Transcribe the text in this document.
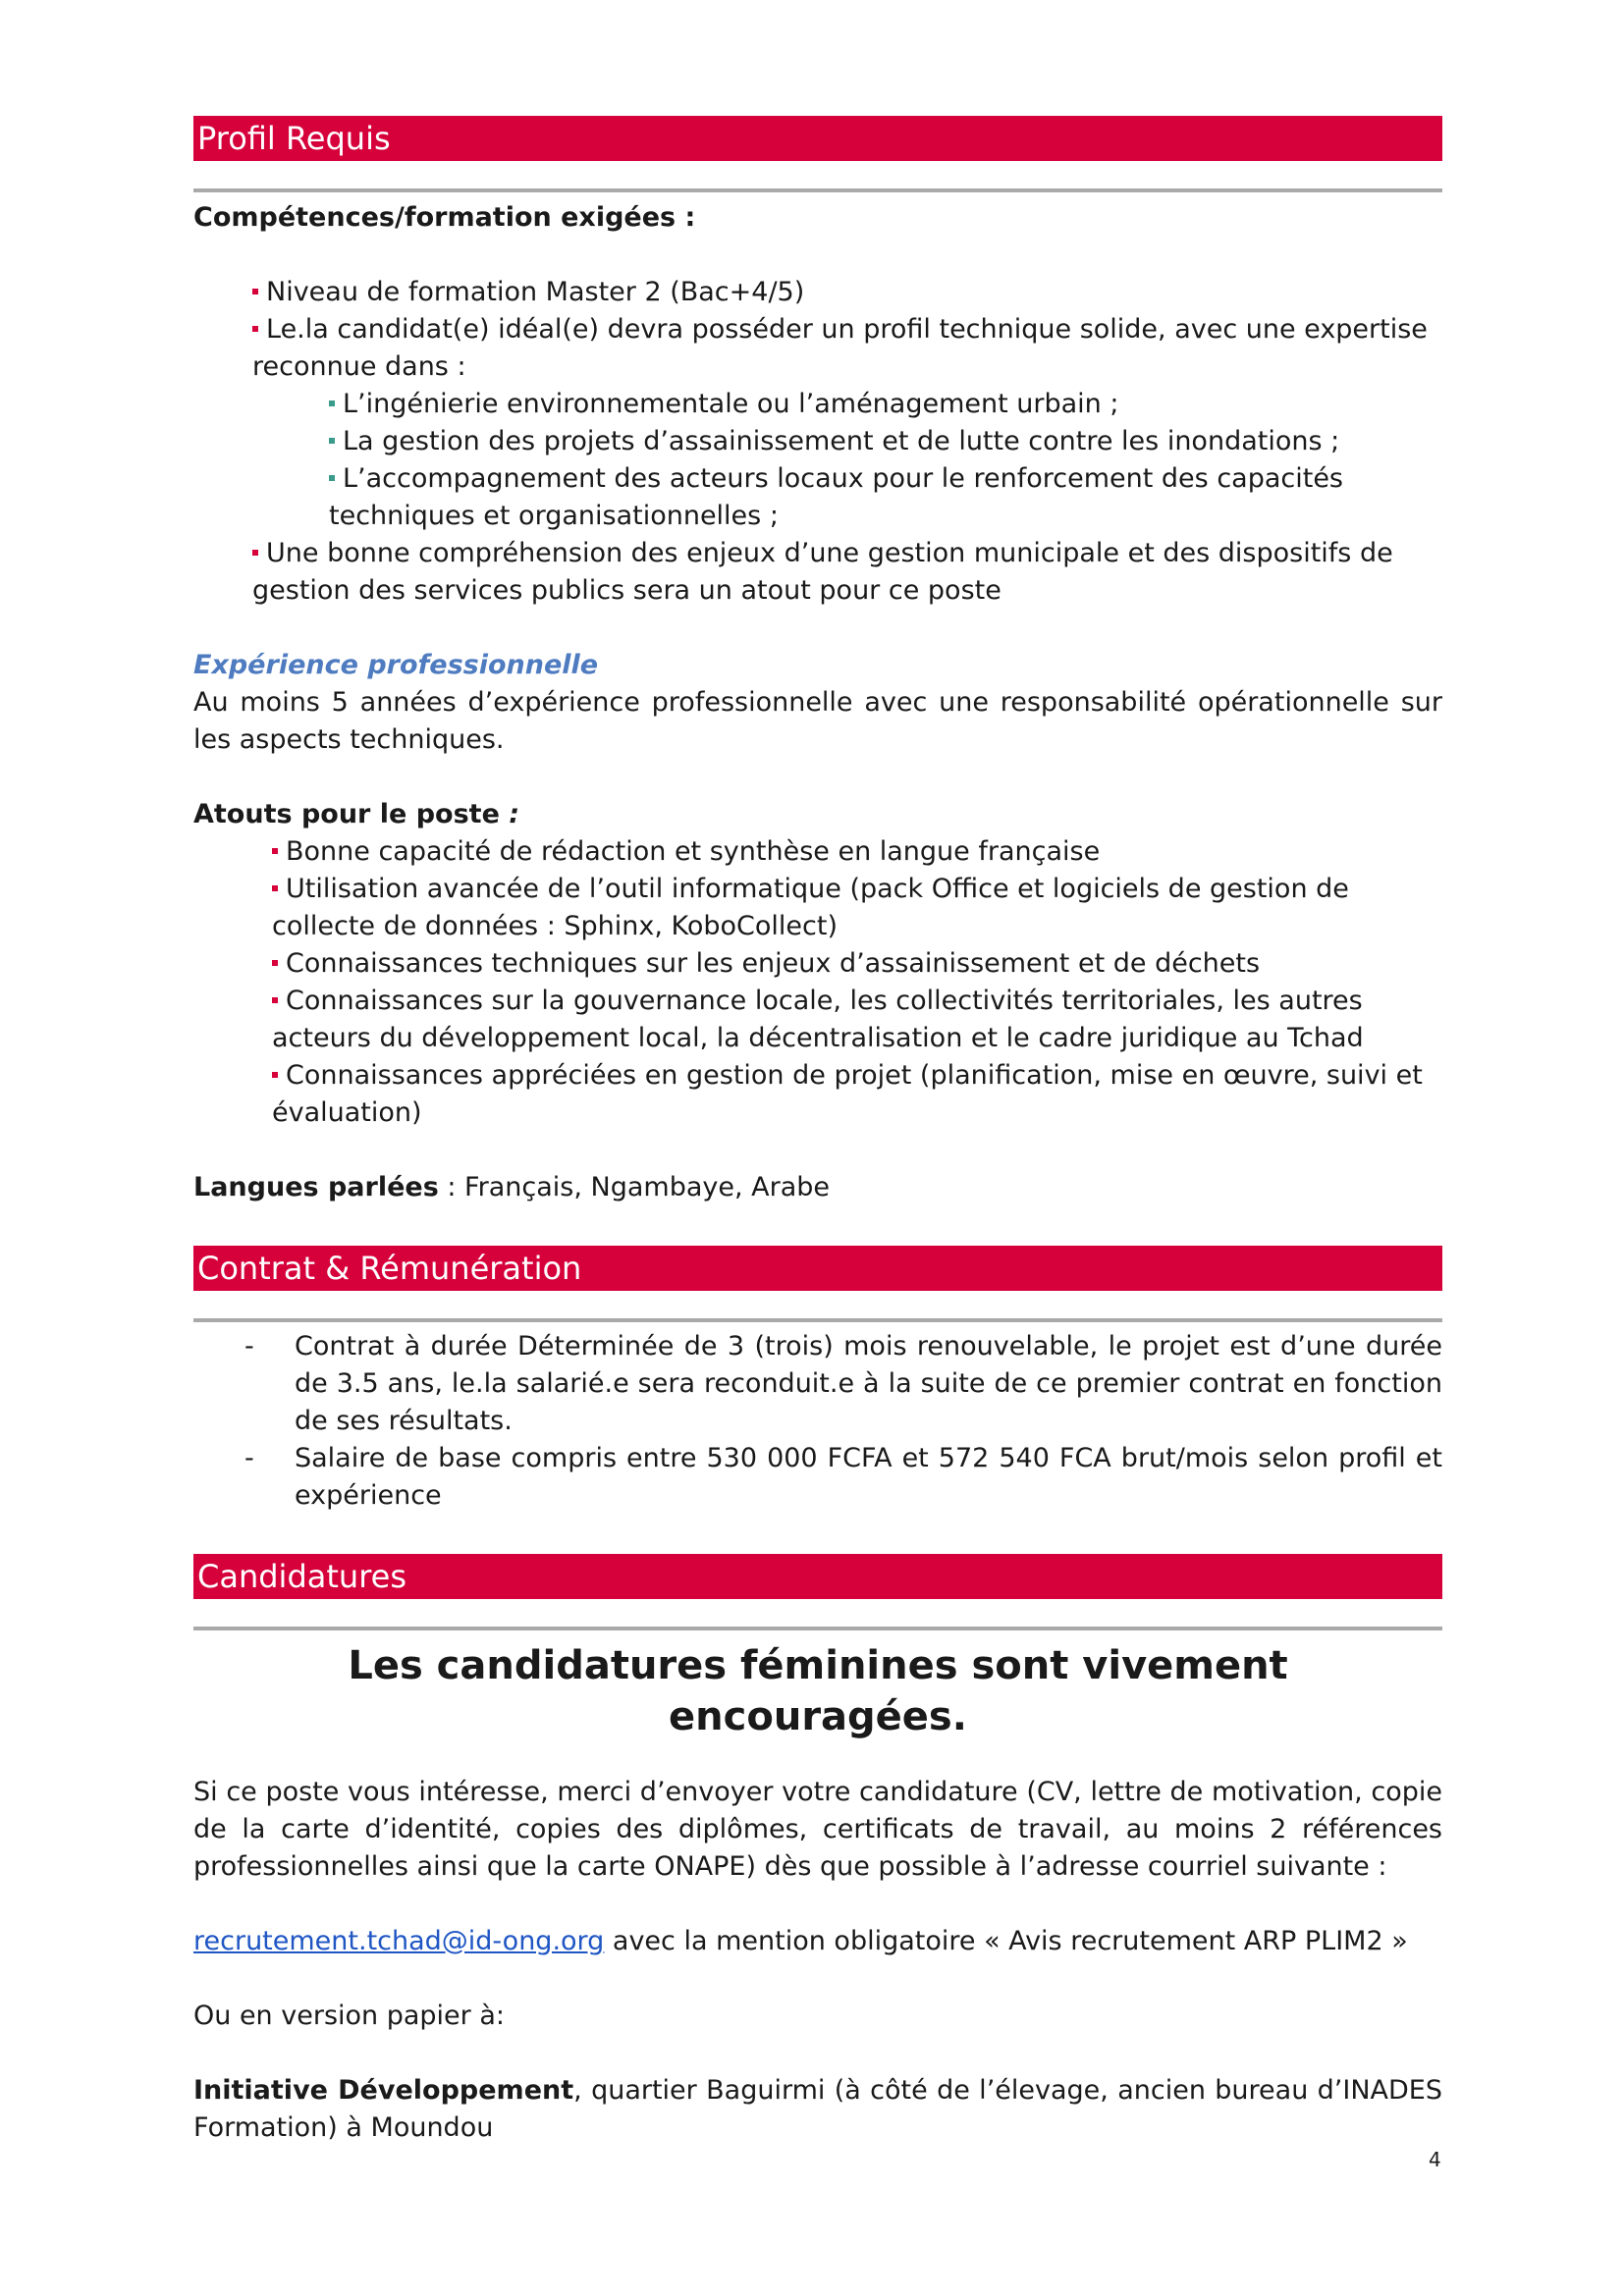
Profil Requis
Compétences/formation exigées :
Niveau de formation Master 2 (Bac+4/5)
Le.la candidat(e) idéal(e) devra posséder un profil technique solide, avec une expertise reconnue dans :
L’ingénierie environnementale ou l’aménagement urbain ;
La gestion des projets d’assainissement et de lutte contre les inondations ;
L’accompagnement des acteurs locaux pour le renforcement des capacités techniques et organisationnelles ;
Une bonne compréhension des enjeux d’une gestion municipale et des dispositifs de gestion des services publics sera un atout pour ce poste
Expérience professionnelle

Au moins 5 années d’expérience professionnelle avec une responsabilité opérationnelle sur les aspects techniques.

Atouts pour le poste :
Bonne capacité de rédaction et synthèse en langue française
Utilisation avancée de l’outil informatique (pack Office et logiciels de gestion de collecte de données : Sphinx, KoboCollect)
Connaissances techniques sur les enjeux d’assainissement et de déchets
Connaissances sur la gouvernance locale, les collectivités territoriales, les autres acteurs du développement local, la décentralisation et le cadre juridique au Tchad
Connaissances appréciées en gestion de projet (planification, mise en œuvre, suivi et évaluation)

Langues parlées : Français, Ngambaye, Arabe

Contrat & Rémunération
- Contrat à durée Déterminée de 3 (trois) mois renouvelable, le projet est d’une durée de 3.5 ans, le.la salarié.e sera reconduit.e à la suite de ce premier contrat en fonction de ses résultats.
- Salaire de base compris entre 530 000 FCFA et 572 540 FCA brut/mois selon profil et expérience
Candidatures
Les candidatures féminines sont vivement encouragées.

Si ce poste vous intéresse, merci d’envoyer votre candidature (CV, lettre de motivation, copie de la carte d’identité, copies des diplômes, certificats de travail, au moins 2 références professionnelles ainsi que la carte ONAPE) dès que possible à l’adresse courriel suivante :

recrutement.tchad@id-ong.org avec la mention obligatoire « Avis recrutement ARP PLIM2 »

Ou en version papier à:

Initiative Développement, quartier Baguirmi (à côté de l’élevage, ancien bureau d’INADES Formation) à Moundou

4
